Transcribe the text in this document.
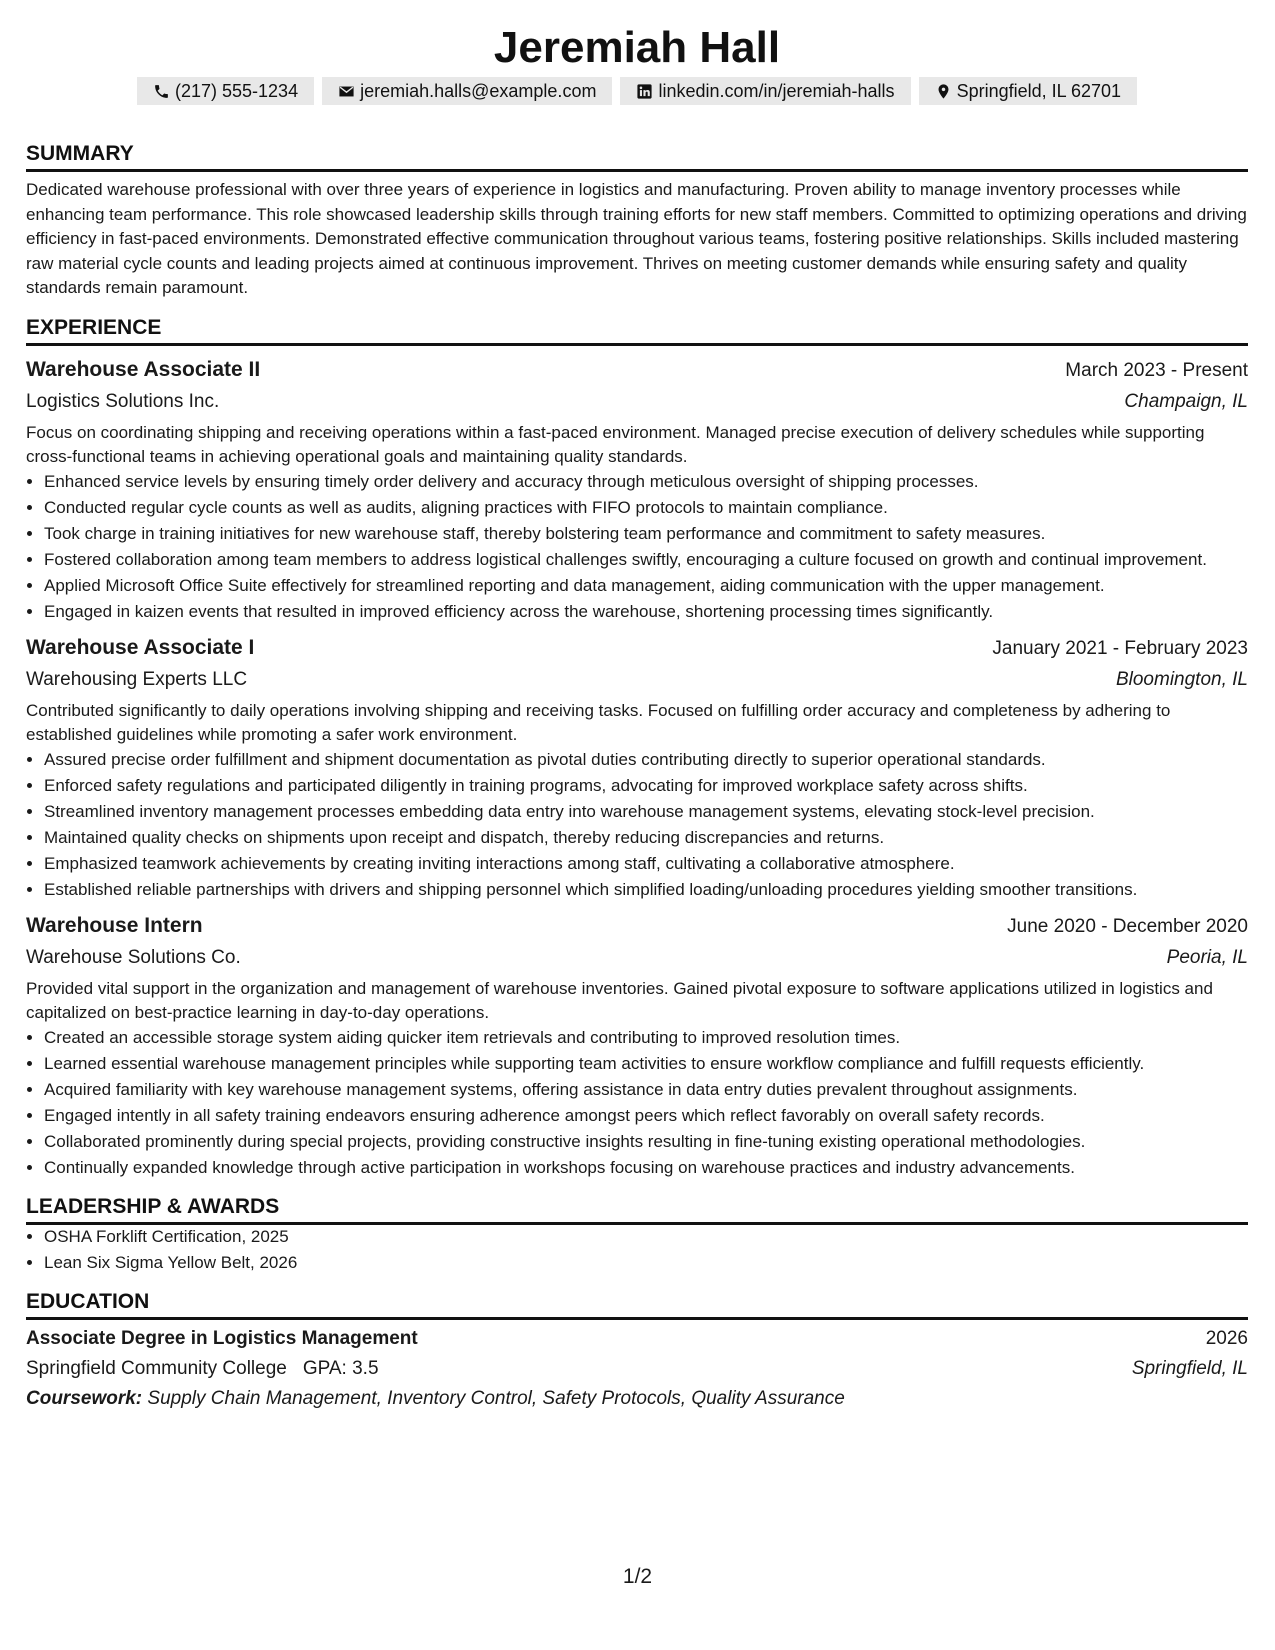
Jeremiah Hall
(217) 555-1234	jeremiah.halls@example.com	linkedin.com/in/jeremiah-halls	Springfield, IL 62701
SUMMARY
Dedicated warehouse professional with over three years of experience in logistics and manufacturing. Proven ability to manage inventory processes while enhancing team performance. This role showcased leadership skills through training efforts for new staff members. Committed to optimizing operations and driving efficiency in fast-paced environments. Demonstrated effective communication throughout various teams, fostering positive relationships. Skills included mastering raw material cycle counts and leading projects aimed at continuous improvement. Thrives on meeting customer demands while ensuring safety and quality standards remain paramount.
EXPERIENCE
Warehouse Associate II	March 2023 - Present
Logistics Solutions Inc.	Champaign, IL
Focus on coordinating shipping and receiving operations within a fast-paced environment. Managed precise execution of delivery schedules while supporting cross-functional teams in achieving operational goals and maintaining quality standards.
• Enhanced service levels by ensuring timely order delivery and accuracy through meticulous oversight of shipping processes.
• Conducted regular cycle counts as well as audits, aligning practices with FIFO protocols to maintain compliance.
• Took charge in training initiatives for new warehouse staff, thereby bolstering team performance and commitment to safety measures.
• Fostered collaboration among team members to address logistical challenges swiftly, encouraging a culture focused on growth and continual improvement.
• Applied Microsoft Office Suite effectively for streamlined reporting and data management, aiding communication with the upper management.
• Engaged in kaizen events that resulted in improved efficiency across the warehouse, shortening processing times significantly.
Warehouse Associate I	January 2021 - February 2023
Warehousing Experts LLC	Bloomington, IL
Contributed significantly to daily operations involving shipping and receiving tasks. Focused on fulfilling order accuracy and completeness by adhering to established guidelines while promoting a safer work environment.
• Assured precise order fulfillment and shipment documentation as pivotal duties contributing directly to superior operational standards.
• Enforced safety regulations and participated diligently in training programs, advocating for improved workplace safety across shifts.
• Streamlined inventory management processes embedding data entry into warehouse management systems, elevating stock-level precision.
• Maintained quality checks on shipments upon receipt and dispatch, thereby reducing discrepancies and returns.
• Emphasized teamwork achievements by creating inviting interactions among staff, cultivating a collaborative atmosphere.
• Established reliable partnerships with drivers and shipping personnel which simplified loading/unloading procedures yielding smoother transitions.
Warehouse Intern	June 2020 - December 2020
Warehouse Solutions Co.	Peoria, IL
Provided vital support in the organization and management of warehouse inventories. Gained pivotal exposure to software applications utilized in logistics and capitalized on best-practice learning in day-to-day operations.
• Created an accessible storage system aiding quicker item retrievals and contributing to improved resolution times.
• Learned essential warehouse management principles while supporting team activities to ensure workflow compliance and fulfill requests efficiently.
• Acquired familiarity with key warehouse management systems, offering assistance in data entry duties prevalent throughout assignments.
• Engaged intently in all safety training endeavors ensuring adherence amongst peers which reflect favorably on overall safety records.
• Collaborated prominently during special projects, providing constructive insights resulting in fine-tuning existing operational methodologies.
• Continually expanded knowledge through active participation in workshops focusing on warehouse practices and industry advancements.
LEADERSHIP & AWARDS
• OSHA Forklift Certification, 2025
• Lean Six Sigma Yellow Belt, 2026
EDUCATION
Associate Degree in Logistics Management	2026
Springfield Community College GPA: 3.5	Springfield, IL
Coursework: Supply Chain Management, Inventory Control, Safety Protocols, Quality Assurance
1/2
